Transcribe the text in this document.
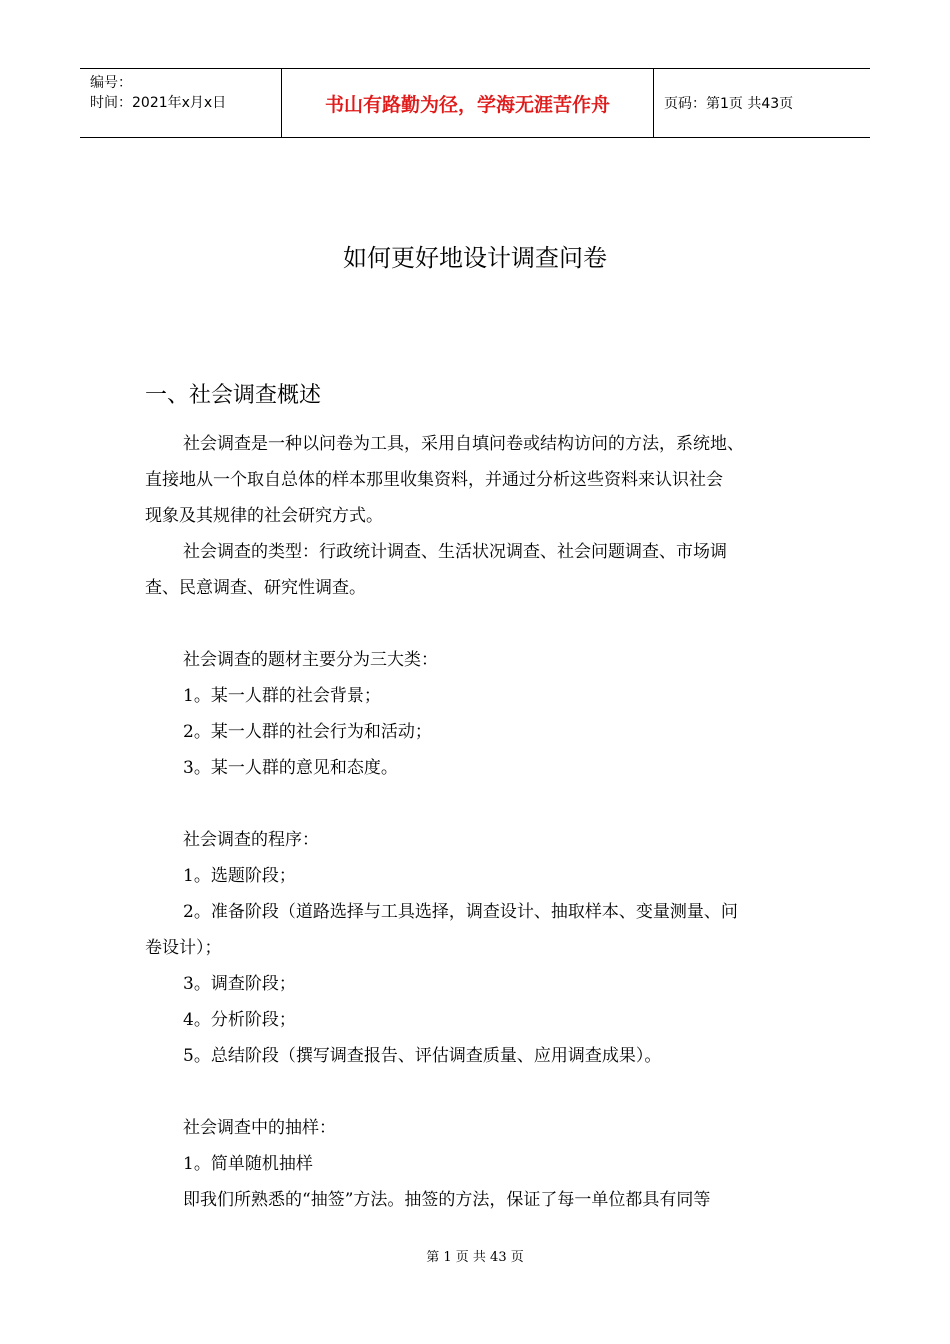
编号：
时间：2021年x月x日	书山有路勤为径，学海无涯苦作舟	页码：第1页 共43页
如何更好地设计调查问卷
一、社会调查概述

社会调查是一种以问卷为工具，采用自填问卷或结构访问的方法，系统地、

直接地从一个取自总体的样本那里收集资料，并通过分析这些资料来认识社会

现象及其规律的社会研究方式。

社会调查的类型：行政统计调查、生活状况调查、社会问题调查、市场调

查、民意调查、研究性调查。

社会调查的题材主要分为三大类：

1。某一人群的社会背景；

2。某一人群的社会行为和活动；

3。某一人群的意见和态度。

社会调查的程序：

1。选题阶段；

2。准备阶段（道路选择与工具选择，调查设计、抽取样本、变量测量、问

卷设计）；

3。调查阶段；

4。分析阶段；

5。总结阶段（撰写调查报告、评估调查质量、应用调查成果）。

社会调查中的抽样：

1。简单随机抽样

即我们所熟悉的“抽签”方法。抽签的方法，保证了每一单位都具有同等

第 1 页 共 43 页
